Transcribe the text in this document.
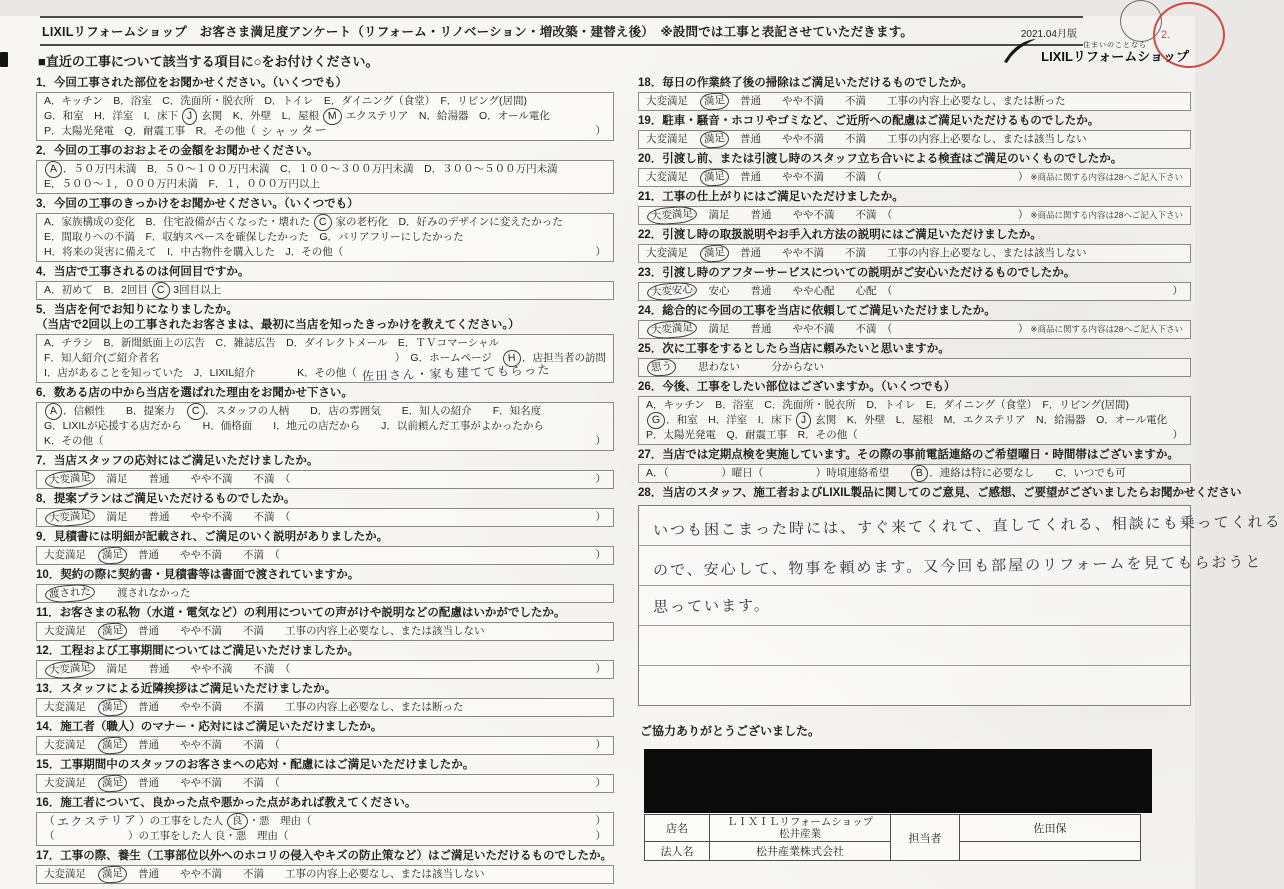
2.
住まいのことなら
LIXILリフォームショップ
LIXILリフォームショップ　お客さま満足度アンケート（リフォーム・リノベーション・増改築・建替え後）　※設問では工事と表記させていただきます。	2021.04月版
■直近の工事について該当する項目に○をお付けください。
1．今回工事された部位をお聞かせください。（いくつでも）
A．キッチン　B．浴室　C．洗面所・脱衣所　D．トイレ　E．ダイニング（食堂）　F．リビング(居間)
G．和室　H．洋室　I．床下 J 玄関　K．外壁　L．屋根 M エクステリア　N．給湯器　O．オール電化
P．太陽光発電　Q．耐震工事　R．その他（ シャッター	）
2．今回の工事のおおよその金額をお聞かせください。
A ．５０万円未満　B．５０～１００万円未満　C．１００～３００万円未満　D．３００～５００万円未満
E．５００～１，０００万円未満　F．１，０００万円以上
3．今回の工事のきっかけをお聞かせください。（いくつでも）
A．家族構成の変化　B．住宅設備が古くなった・壊れた C 家の老朽化　D．好みのデザインに変えたかった
E．間取りへの不満　F．収納スペースを確保したかった　G．バリアフリーにしたかった
H．将来の災害に備えて　I．中古物件を購入した　J．その他（	）
4．当店で工事されるのは何回目ですか。
A．初めて　B．2回目 C 3回目以上
5．当店を何でお知りになりましたか。
（当店で2回以上の工事されたお客さまは、最初に当店を知ったきっかけを教えてください。）
A．チラシ　B．新聞紙面上の広告　C．雑誌広告　D．ダイレクトメール　E．ＴＶコマーシャル
F．知人紹介(ご紹介者名	）　G．ホームページ　 H ．店担当者の訪問
I．店があることを知っていた　J．LIXIL紹介　　　　K．その他（ 佐田さん・家も建ててもらった
6．数ある店の中から当店を選ばれた理由をお聞かせ下さい。
A ．信頼性　　B．提案力　 C ．スタッフの人柄　　D．店の雰囲気　　E．知人の紹介　　F．知名度
G．LIXILが応援する店だから　　H．価格面　　I．地元の店だから　　J．以前頼んだ工事がよかったから
K．その他（	）
7．当店スタッフの応対にはご満足いただけましたか。
大変満足 　満足　　普通　　やや不満　　不満　（	）
8．提案プランはご満足いただけるものでしたか。
大変満足 　満足　　普通　　やや不満　　不満　（	）
9．見積書には明細が記載され、ご満足のいく説明がありましたか。
大変満足　 満足 　普通　　やや不満　　不満　（	）
10．契約の際に契約書・見積書等は書面で渡されていますか。
渡された 　　渡されなかった
11．お客さまの私物（水道・電気など）の利用についての声がけや説明などの配慮はいかがでしたか。
大変満足　 満足 　普通　　やや不満　　不満　　工事の内容上必要なし、または該当しない
12．工程および工事期間についてはご満足いただけましたか。
大変満足 　満足　　普通　　やや不満　　不満　（	）
13．スタッフによる近隣挨拶はご満足いただけましたか。
大変満足　 満足 　普通　　やや不満　　不満　　工事の内容上必要なし、または断った
14．施工者（職人）のマナー・応対にはご満足いただけましたか。
大変満足　 満足 　普通　　やや不満　　不満　（	）
15．工事期間中のスタッフのお客さまへの応対・配慮にはご満足いただけましたか。
大変満足　 満足 　普通　　やや不満　　不満　（	）
16．施工者について、良かった点や悪かった点があれば教えてください。
（ エクステリア ）の工事をした人 良 ・悪　理由（	）
（　　　　　　　）の工事をした人 良・悪　理由（	）
17．工事の際、養生（工事部位以外へのホコリの侵入やキズの防止策など）はご満足いただけるものでしたか。
大変満足　 満足 　普通　　やや不満　　不満　　工事の内容上必要なし、または該当しない
18．毎日の作業終了後の掃除はご満足いただけるものでしたか。
大変満足　 満足 　普通　　やや不満　　不満　　工事の内容上必要なし、または断った
19．駐車・騒音・ホコリやゴミなど、ご近所への配慮はご満足いただけるものでしたか。
大変満足　 満足 　普通　　やや不満　　不満　　工事の内容上必要なし、または該当しない
20．引渡し前、または引渡し時のスタッフ立ち合いによる検査はご満足のいくものでしたか。
大変満足　 満足 　普通　　やや不満　　不満　（	） ※商品に関する内容は28へご記入下さい
21．工事の仕上がりにはご満足いただけましたか。
大変満足 　満足　　普通　　やや不満　　不満　（	） ※商品に関する内容は28へご記入下さい
22．引渡し時の取扱説明やお手入れ方法の説明にはご満足いただけましたか。
大変満足　 満足 　普通　　やや不満　　不満　　工事の内容上必要なし、または該当しない
23．引渡し時のアフターサービスについての説明がご安心いただけるものでしたか。
大変安心 　安心　　普通　　やや心配　　心配　（	）
24．総合的に今回の工事を当店に依頼してご満足いただけましたか。
大変満足 　満足　　普通　　やや不満　　不満　（	） ※商品に関する内容は28へご記入下さい
25．次に工事をするとしたら当店に頼みたいと思いますか。
思う 　　思わない　　　分からない
26．今後、工事をしたい部位はございますか。（いくつでも）
A．キッチン　B．浴室　C．洗面所・脱衣所　D．トイレ　E．ダイニング（食堂）　F．リビング(居間)
G ．和室　H．洋室　I．床下 J 玄関　K．外壁　L．屋根　M．エクステリア　N．給湯器　O．オール電化
P．太陽光発電　Q．耐震工事　R．その他（	）
27．当店では定期点検を実施しています。その際の事前電話連絡のご希望曜日・時間帯はございますか。
A．（　　　　　）曜日（　　　　　）時頃連絡希望　　 B ．連絡は特に必要なし　　C．いつでも可
28．当店のスタッフ、施工者およびLIXIL製品に関してのご意見、ご感想、ご要望がございましたらお聞かせください
いつも困こまった時には、すぐ来てくれて、直してくれる、相談にも乗ってくれる
ので、安心して、物事を頼めます。又今回も部屋のリフォームを見てもらおうと
思っています。
ご協力ありがとうございました。
店名	ＬＩＸＩＬリフォームショップ
松井産業	担当者	佐田保
法人名	松井産業株式会社		
